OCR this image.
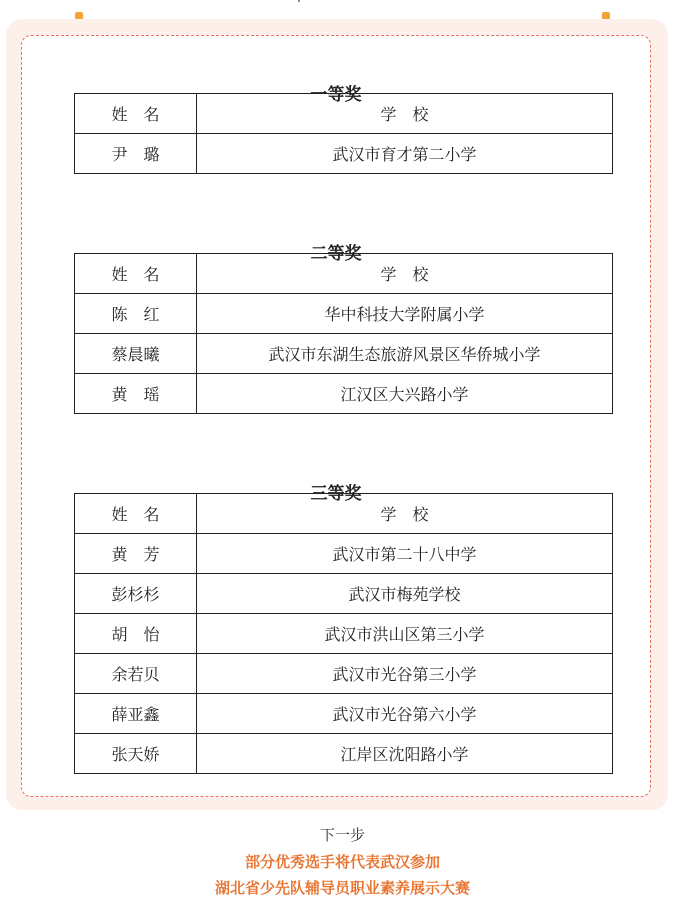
一等奖
姓　名	学　校
尹　璐	武汉市育才第二小学
二等奖
姓　名	学　校
陈　红	华中科技大学附属小学
蔡晨曦	武汉市东湖生态旅游风景区华侨城小学
黄　瑶	江汉区大兴路小学
三等奖
姓　名	学　校
黄　芳	武汉市第二十八中学
彭杉杉	武汉市梅苑学校
胡　怡	武汉市洪山区第三小学
余若贝	武汉市光谷第三小学
薛亚鑫	武汉市光谷第六小学
张天娇	江岸区沈阳路小学
下一步
部分优秀选手将代表武汉参加
湖北省少先队辅导员职业素养展示大赛
